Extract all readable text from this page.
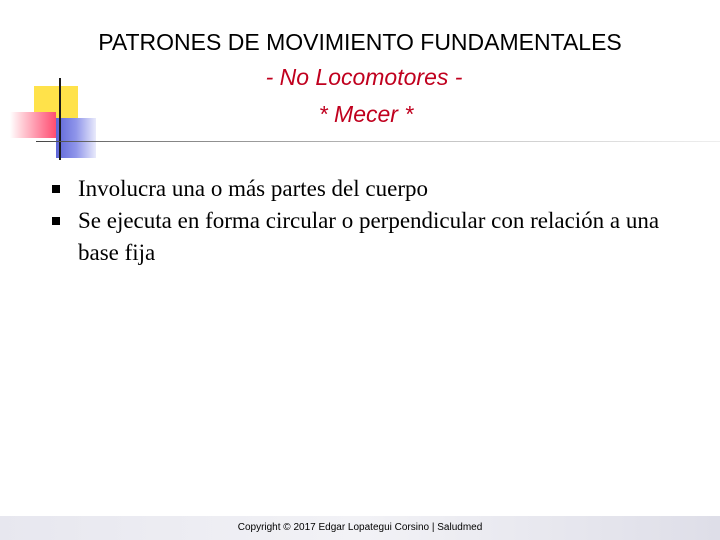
PATRONES DE MOVIMIENTO FUNDAMENTALES
- No Locomotores -
* Mecer *
Involucra una o más partes del cuerpo
Se ejecuta en forma circular o perpendicular con relación a una base fija
Copyright © 2017 Edgar Lopategui Corsino | Saludmed
